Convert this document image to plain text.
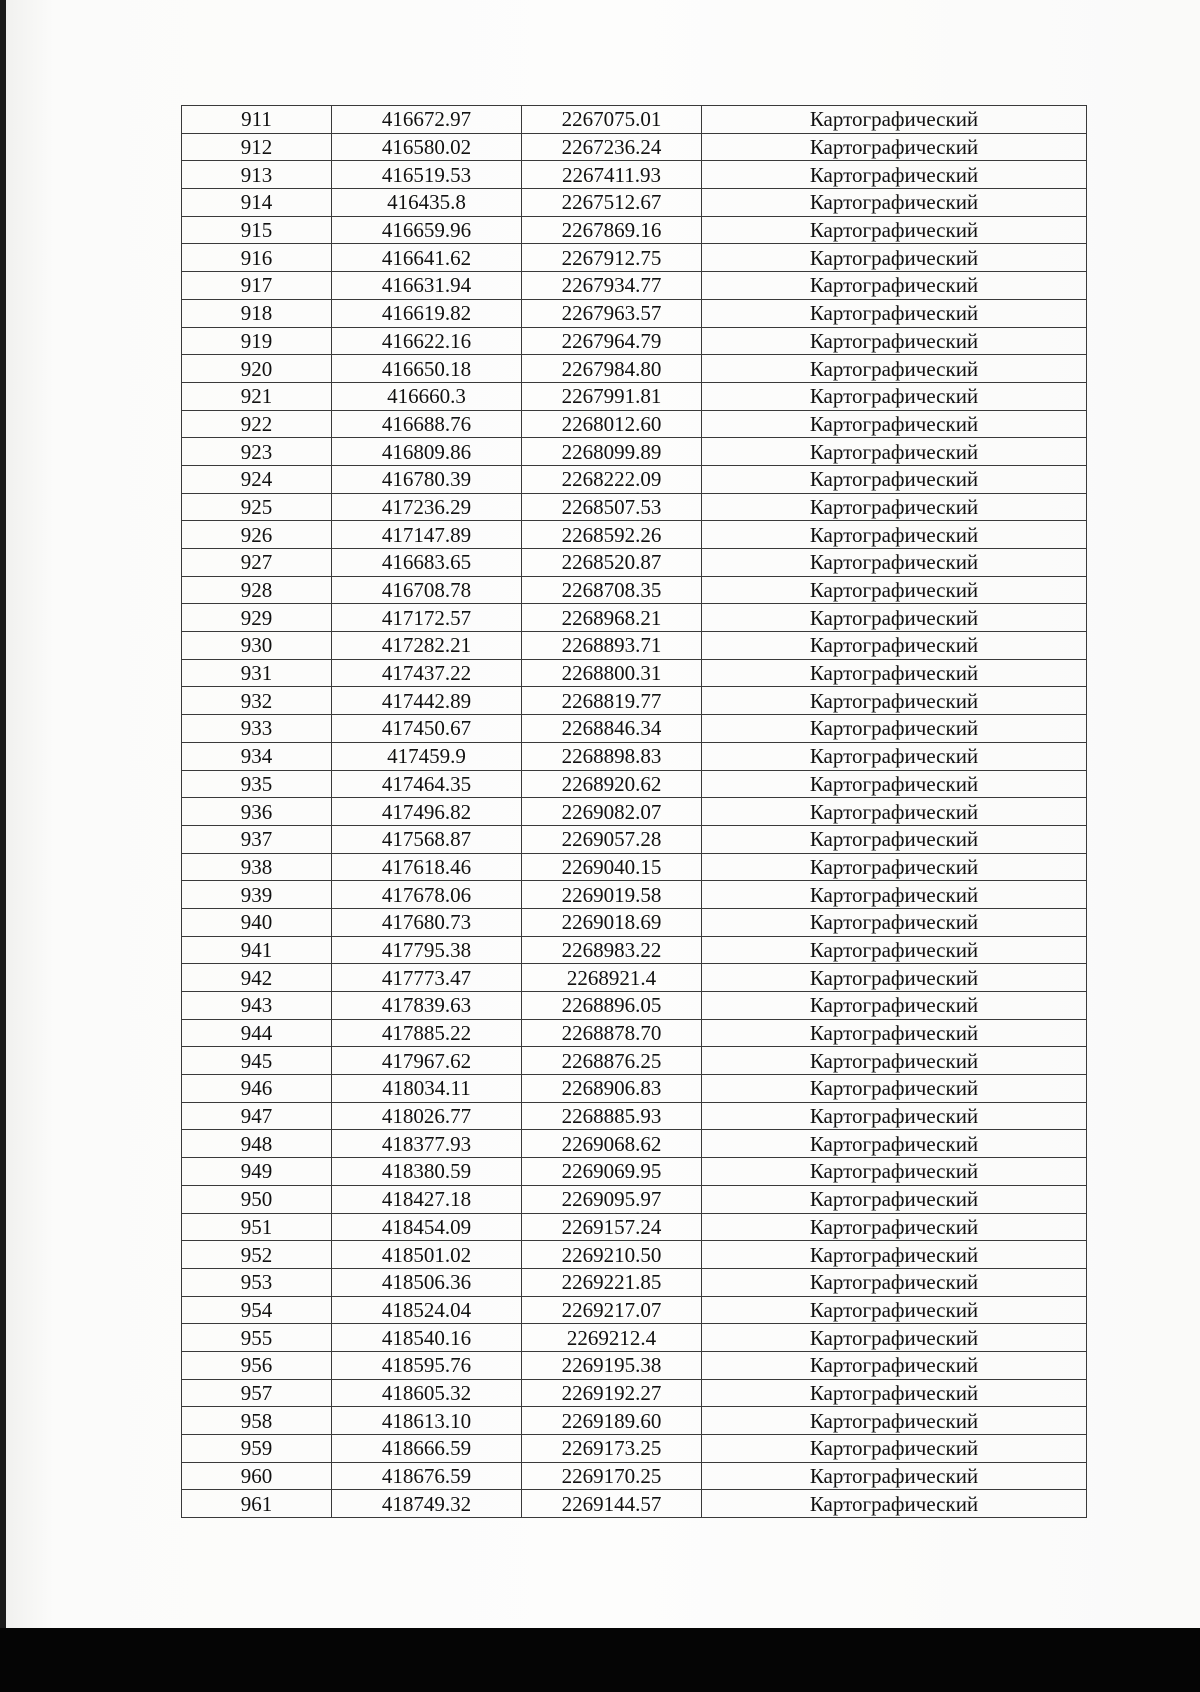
911	416672.97	2267075.01	Картографический
912	416580.02	2267236.24	Картографический
913	416519.53	2267411.93	Картографический
914	416435.8	2267512.67	Картографический
915	416659.96	2267869.16	Картографический
916	416641.62	2267912.75	Картографический
917	416631.94	2267934.77	Картографический
918	416619.82	2267963.57	Картографический
919	416622.16	2267964.79	Картографический
920	416650.18	2267984.80	Картографический
921	416660.3	2267991.81	Картографический
922	416688.76	2268012.60	Картографический
923	416809.86	2268099.89	Картографический
924	416780.39	2268222.09	Картографический
925	417236.29	2268507.53	Картографический
926	417147.89	2268592.26	Картографический
927	416683.65	2268520.87	Картографический
928	416708.78	2268708.35	Картографический
929	417172.57	2268968.21	Картографический
930	417282.21	2268893.71	Картографический
931	417437.22	2268800.31	Картографический
932	417442.89	2268819.77	Картографический
933	417450.67	2268846.34	Картографический
934	417459.9	2268898.83	Картографический
935	417464.35	2268920.62	Картографический
936	417496.82	2269082.07	Картографический
937	417568.87	2269057.28	Картографический
938	417618.46	2269040.15	Картографический
939	417678.06	2269019.58	Картографический
940	417680.73	2269018.69	Картографический
941	417795.38	2268983.22	Картографический
942	417773.47	2268921.4	Картографический
943	417839.63	2268896.05	Картографический
944	417885.22	2268878.70	Картографический
945	417967.62	2268876.25	Картографический
946	418034.11	2268906.83	Картографический
947	418026.77	2268885.93	Картографический
948	418377.93	2269068.62	Картографический
949	418380.59	2269069.95	Картографический
950	418427.18	2269095.97	Картографический
951	418454.09	2269157.24	Картографический
952	418501.02	2269210.50	Картографический
953	418506.36	2269221.85	Картографический
954	418524.04	2269217.07	Картографический
955	418540.16	2269212.4	Картографический
956	418595.76	2269195.38	Картографический
957	418605.32	2269192.27	Картографический
958	418613.10	2269189.60	Картографический
959	418666.59	2269173.25	Картографический
960	418676.59	2269170.25	Картографический
961	418749.32	2269144.57	Картографический
